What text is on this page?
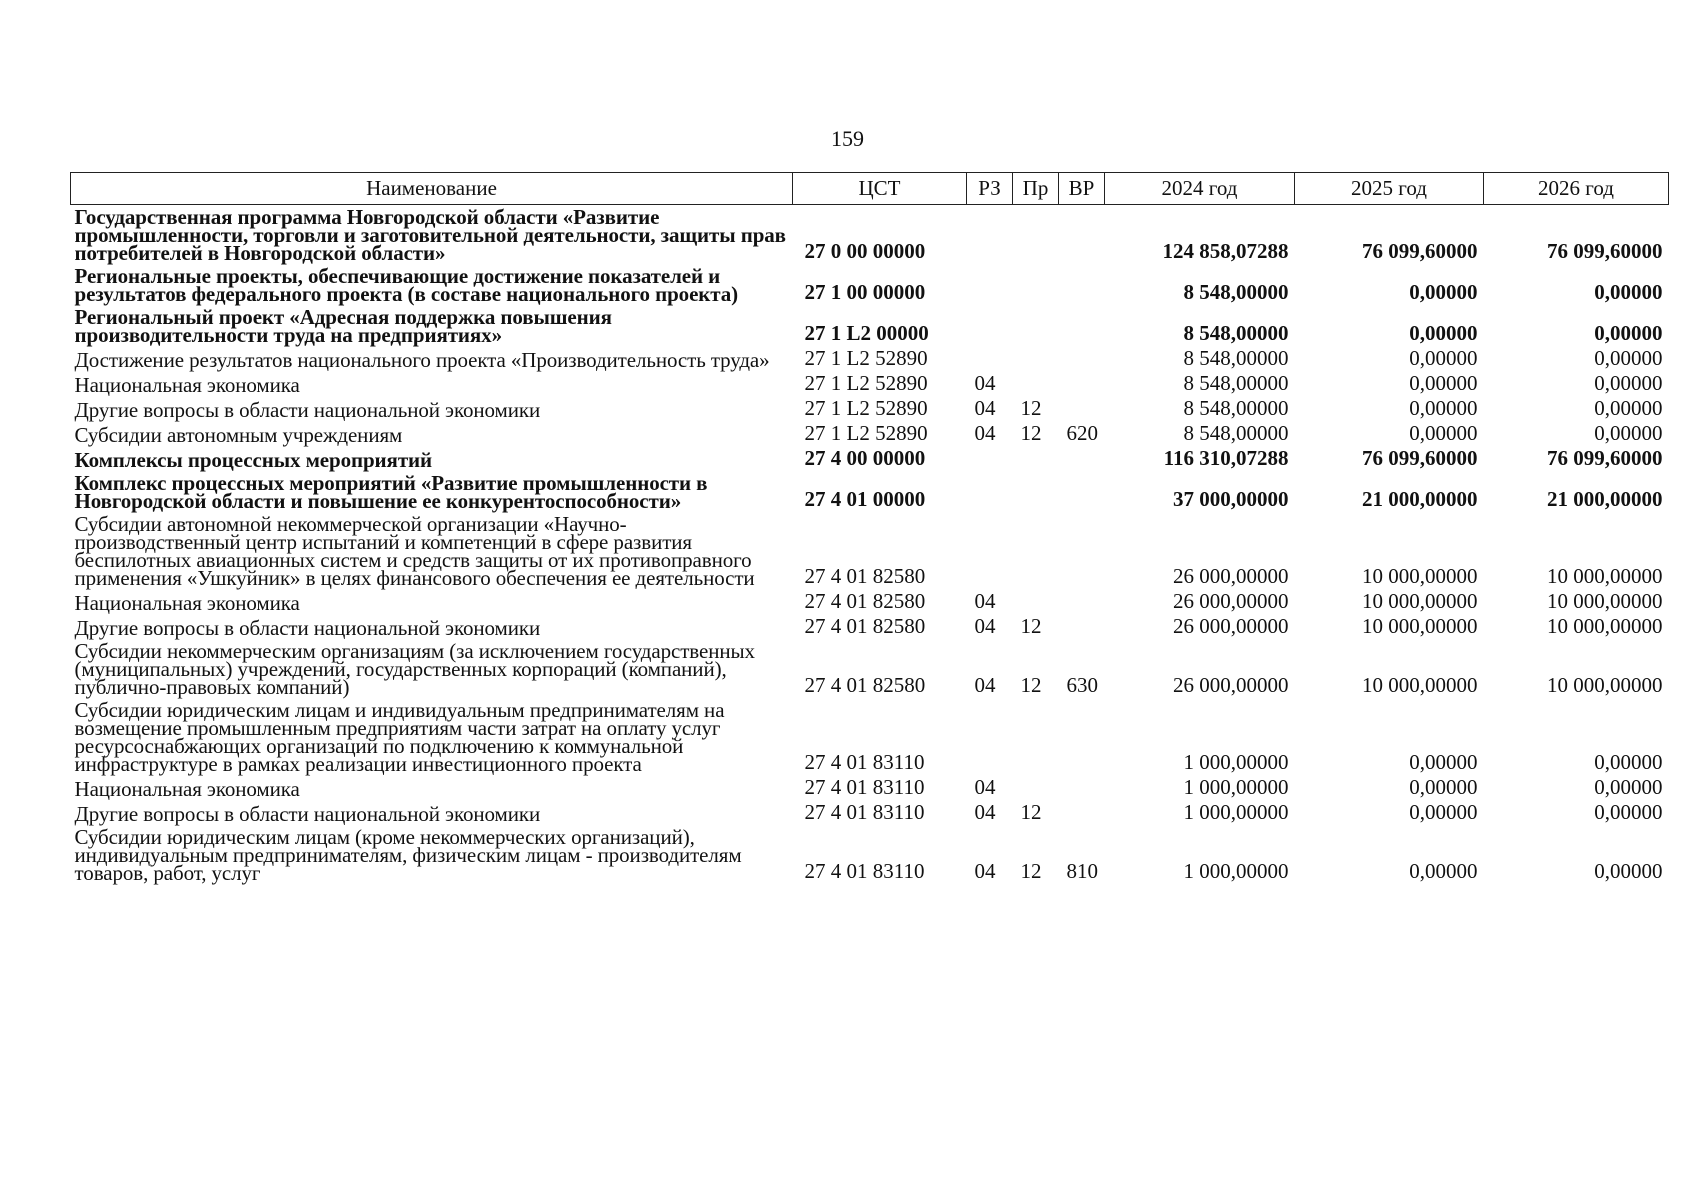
159
Наименование	ЦСТ	РЗ	Пр	ВР	2024 год	2025 год	2026 год
Государственная программа Новгородской области «Развитие промышленности, торговли и заготовительной деятельности, защиты прав потребителей в Новгородской области»	27 0 00 00000				124 858,07288	76 099,60000	76 099,60000
Региональные проекты, обеспечивающие достижение показателей и результатов федерального проекта (в составе национального проекта)	27 1 00 00000				8 548,00000	0,00000	0,00000
Региональный проект «Адресная поддержка повышения производительности труда на предприятиях»	27 1 L2 00000				8 548,00000	0,00000	0,00000
Достижение результатов национального проекта «Производительность труда»	27 1 L2 52890				8 548,00000	0,00000	0,00000
Национальная экономика	27 1 L2 52890	04			8 548,00000	0,00000	0,00000
Другие вопросы в области национальной экономики	27 1 L2 52890	04	12		8 548,00000	0,00000	0,00000
Субсидии автономным учреждениям	27 1 L2 52890	04	12	620	8 548,00000	0,00000	0,00000
Комплексы процессных мероприятий	27 4 00 00000				116 310,07288	76 099,60000	76 099,60000
Комплекс процессных мероприятий «Развитие промышленности в Новгородской области и повышение ее конкурентоспособности»	27 4 01 00000				37 000,00000	21 000,00000	21 000,00000
Субсидии автономной некоммерческой организации «Научно-производственный центр испытаний и компетенций в сфере развития беспилотных авиационных систем и средств защиты от их противоправного применения «Ушкуйник» в целях финансового обеспечения ее деятельности	27 4 01 82580				26 000,00000	10 000,00000	10 000,00000
Национальная экономика	27 4 01 82580	04			26 000,00000	10 000,00000	10 000,00000
Другие вопросы в области национальной экономики	27 4 01 82580	04	12		26 000,00000	10 000,00000	10 000,00000
Субсидии некоммерческим организациям (за исключением государственных (муниципальных) учреждений, государственных корпораций (компаний), публично-правовых компаний)	27 4 01 82580	04	12	630	26 000,00000	10 000,00000	10 000,00000
Субсидии юридическим лицам и индивидуальным предпринимателям на возмещение промышленным предприятиям части затрат на оплату услуг ресурсоснабжающих организаций по подключению к коммунальной инфраструктуре в рамках реализации инвестиционного проекта	27 4 01 83110				1 000,00000	0,00000	0,00000
Национальная экономика	27 4 01 83110	04			1 000,00000	0,00000	0,00000
Другие вопросы в области национальной экономики	27 4 01 83110	04	12		1 000,00000	0,00000	0,00000
Субсидии юридическим лицам (кроме некоммерческих организаций), индивидуальным предпринимателям, физическим лицам - производителям товаров, работ, услуг	27 4 01 83110	04	12	810	1 000,00000	0,00000	0,00000
